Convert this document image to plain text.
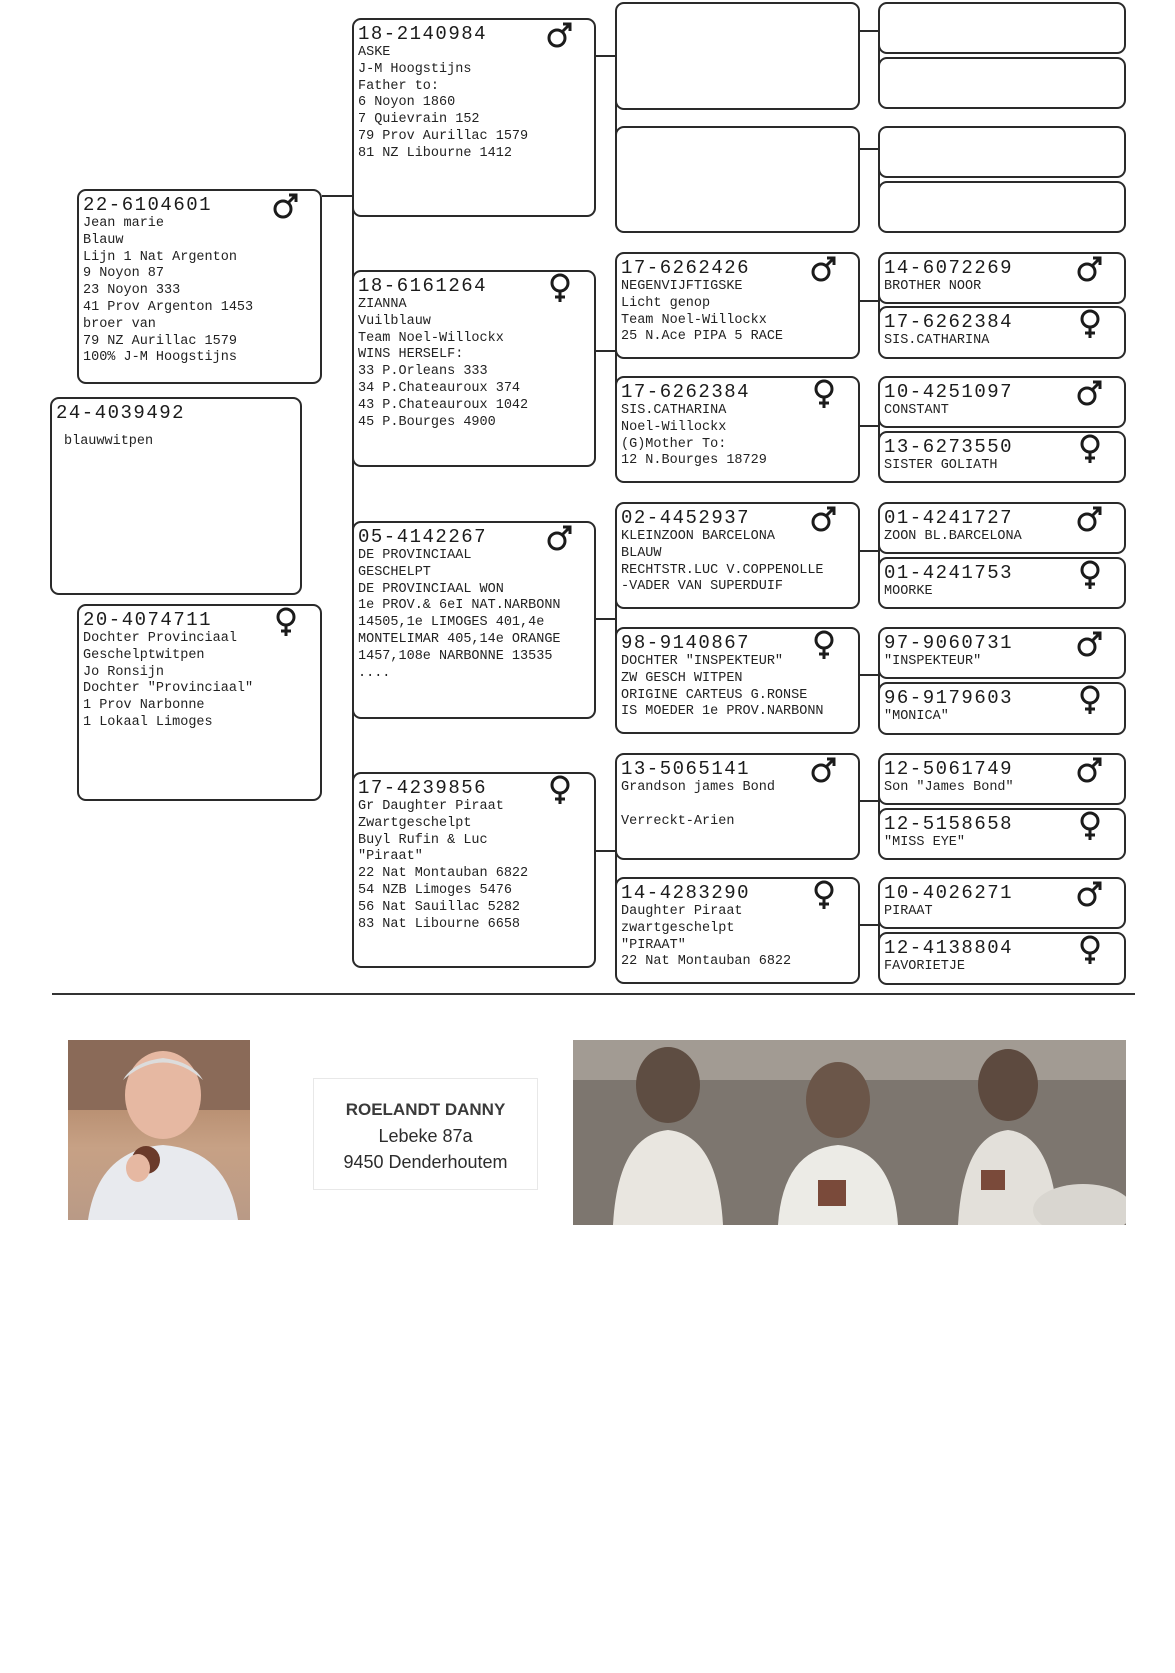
24-4039492
blauwwitpen
22-6104601
Jean marie
Blauw
Lijn 1 Nat Argenton
9 Noyon 87
23 Noyon 333
41 Prov Argenton 1453
broer van
79 NZ Aurillac 1579
100% J-M Hoogstijns
20-4074711
Dochter Provinciaal
Geschelptwitpen
Jo Ronsijn
Dochter "Provinciaal"
1 Prov Narbonne
1 Lokaal Limoges
18-2140984
ASKE
J-M Hoogstijns
Father to:
6 Noyon 1860
7 Quievrain 152
79 Prov Aurillac 1579
81 NZ Libourne 1412
18-6161264
ZIANNA
Vuilblauw
Team Noel-Willockx
WINS HERSELF:
33 P.Orleans 333
34 P.Chateauroux 374
43 P.Chateauroux 1042
45 P.Bourges 4900
05-4142267
DE PROVINCIAAL
GESCHELPT
DE PROVINCIAAL WON
1e PROV.& 6eI NAT.NARBONN
14505,1e LIMOGES 401,4e
MONTELIMAR 405,14e ORANGE
1457,108e NARBONNE 13535
....
17-4239856
Gr Daughter Piraat
Zwartgeschelpt
Buyl Rufin & Luc
"Piraat"
22 Nat Montauban 6822
54 NZB Limoges 5476
56 Nat Sauillac 5282
83 Nat Libourne 6658
17-6262426
NEGENVIJFTIGSKE
Licht genop
Team Noel-Willockx
25 N.Ace PIPA 5 RACE
17-6262384
SIS.CATHARINA
Noel-Willockx
(G)Mother To:
12 N.Bourges 18729
02-4452937
KLEINZOON BARCELONA
BLAUW
RECHTSTR.LUC V.COPPENOLLE
-VADER VAN SUPERDUIF
98-9140867
DOCHTER "INSPEKTEUR"
ZW GESCH WITPEN
ORIGINE CARTEUS G.RONSE
IS MOEDER 1e PROV.NARBONN
13-5065141
Grandson james Bond
Verreckt-Arien
14-4283290
Daughter Piraat
zwartgeschelpt
"PIRAAT"
22 Nat Montauban 6822
14-6072269
BROTHER NOOR
17-6262384
SIS.CATHARINA
10-4251097
CONSTANT
13-6273550
SISTER GOLIATH
01-4241727
ZOON BL.BARCELONA
01-4241753
MOORKE
97-9060731
"INSPEKTEUR"
96-9179603
"MONICA"
12-5061749
Son "James Bond"
12-5158658
"MISS EYE"
10-4026271
PIRAAT
12-4138804
FAVORIETJE
ROELANDT DANNY
Lebeke 87a
9450 Denderhoutem
